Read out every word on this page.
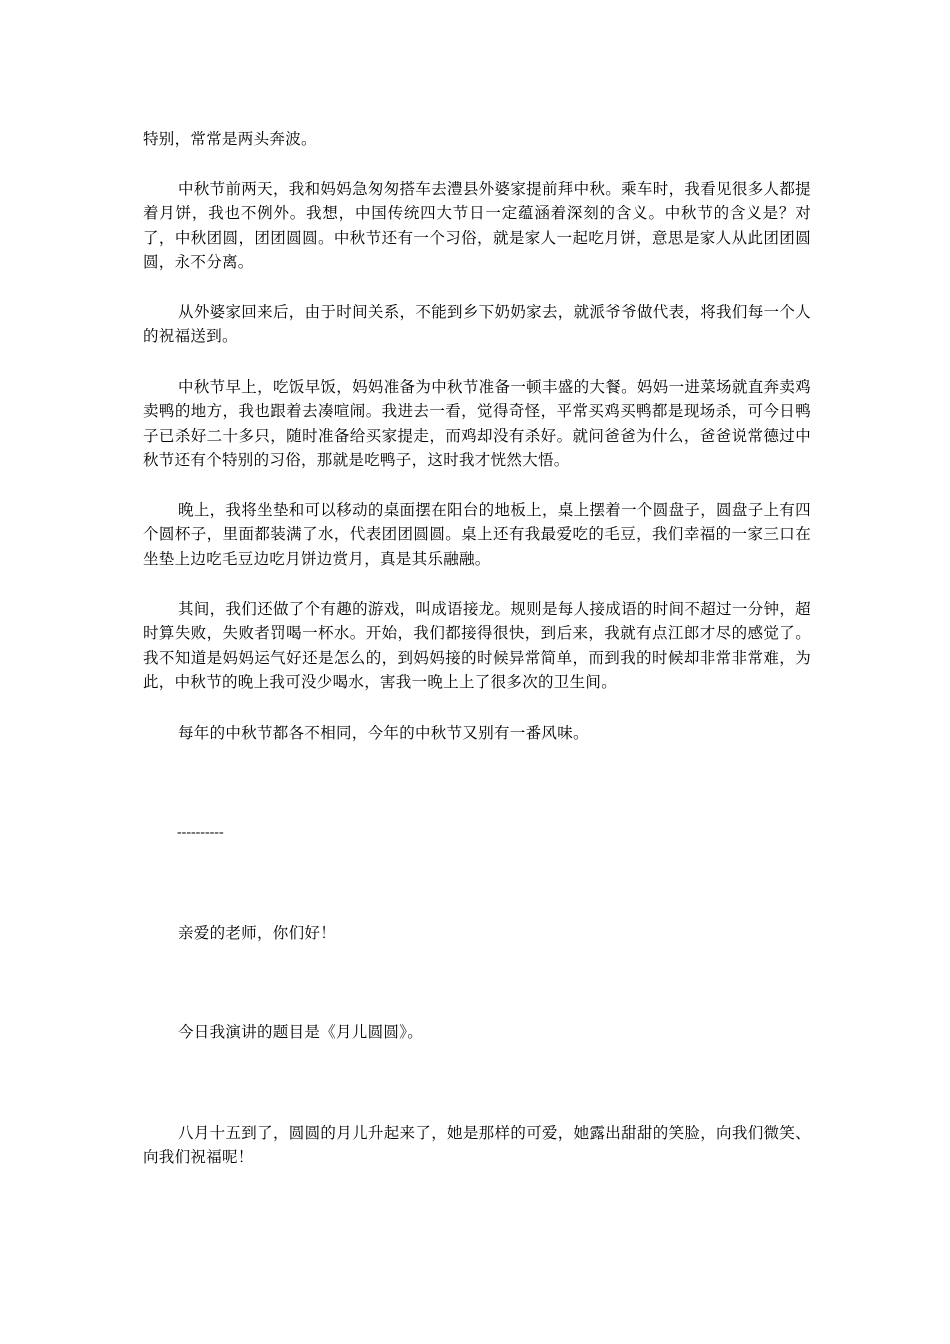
特别，常常是两头奔波。

中秋节前两天，我和妈妈急匆匆搭车去澧县外婆家提前拜中秋。乘车时，我看见很多人都提着月饼，我也不例外。我想，中国传统四大节日一定蕴涵着深刻的含义。中秋节的含义是？对了，中秋团圆，团团圆圆。中秋节还有一个习俗，就是家人一起吃月饼，意思是家人从此团团圆圆，永不分离。

从外婆家回来后，由于时间关系，不能到乡下奶奶家去，就派爷爷做代表，将我们每一个人的祝福送到。

中秋节早上，吃饭早饭，妈妈准备为中秋节准备一顿丰盛的大餐。妈妈一进菜场就直奔卖鸡卖鸭的地方，我也跟着去凑喧闹。我进去一看，觉得奇怪，平常买鸡买鸭都是现场杀，可今日鸭子已杀好二十多只，随时准备给买家提走，而鸡却没有杀好。就问爸爸为什么，爸爸说常德过中秋节还有个特别的习俗，那就是吃鸭子，这时我才恍然大悟。

晚上，我将坐垫和可以移动的桌面摆在阳台的地板上，桌上摆着一个圆盘子，圆盘子上有四个圆杯子，里面都装满了水，代表团团圆圆。桌上还有我最爱吃的毛豆，我们幸福的一家三口在坐垫上边吃毛豆边吃月饼边赏月，真是其乐融融。

其间，我们还做了个有趣的游戏，叫成语接龙。规则是每人接成语的时间不超过一分钟，超时算失败，失败者罚喝一杯水。开始，我们都接得很快，到后来，我就有点江郎才尽的感觉了。我不知道是妈妈运气好还是怎么的，到妈妈接的时候异常简单，而到我的时候却非常非常难，为此，中秋节的晚上我可没少喝水，害我一晚上上了很多次的卫生间。

每年的中秋节都各不相同，今年的中秋节又别有一番风味。

----------

亲爱的老师，你们好！

今日我演讲的题目是《月儿圆圆》。

八月十五到了，圆圆的月儿升起来了，她是那样的可爱，她露出甜甜的笑脸，向我们微笑、向我们祝福呢！
